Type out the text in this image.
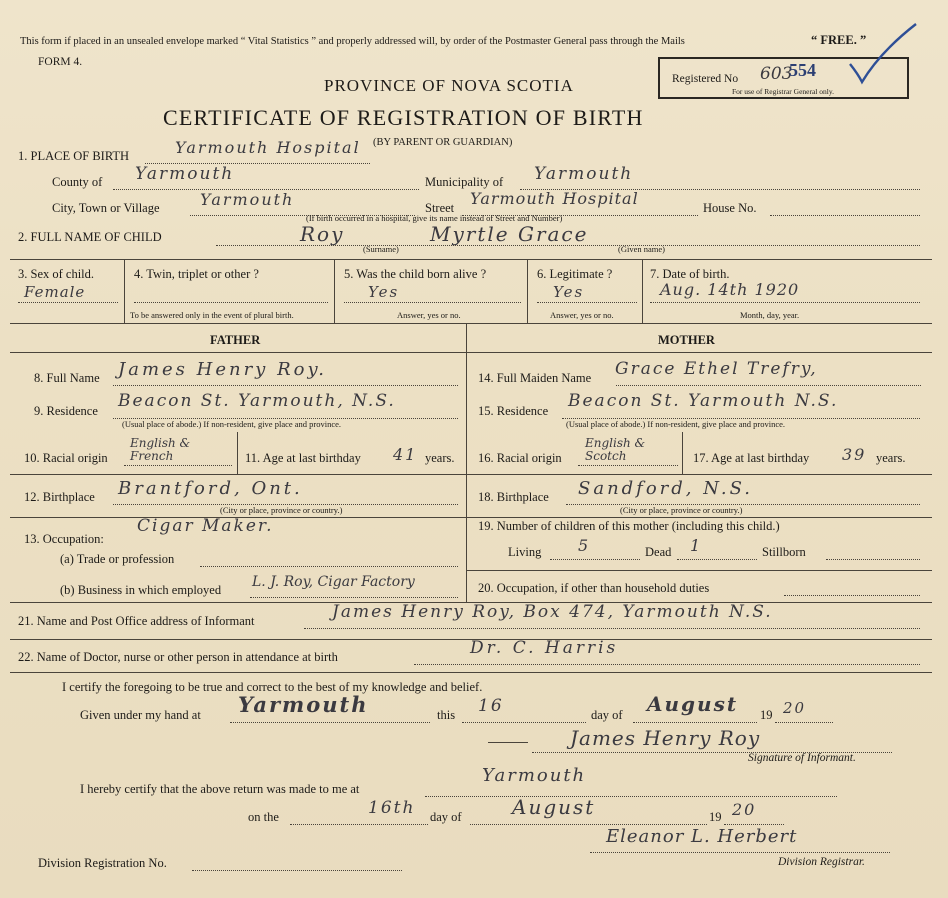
This form if placed in an unsealed envelope marked “ Vital Statistics ” and properly addressed will, by order of the Postmaster General pass through the Mails	“ FREE. ”
FORM 4.
PROVINCE OF NOVA SCOTIA
CERTIFICATE OF REGISTRATION OF BIRTH
(BY PARENT OR GUARDIAN)
Registered No 603
554
For use of Registrar General only.
1. PLACE OF BIRTH	Yarmouth Hospital
County of Yarmouth	Municipality of Yarmouth
City, Town or Village	Yarmouth	Street Yarmouth Hospital	House No.
(If birth occurred in a hospital, give its name instead of Street and Number)
2. FULL NAME OF CHILD	Roy	Myrtle Grace
(Surname)	(Given name)
3. Sex of child.
Female
4. Twin, triplet or other ?
To be answered only in the event of plural birth.
5. Was the child born alive ?
Yes
Answer, yes or no.
6. Legitimate ?
Yes
Answer, yes or no.
7. Date of birth.
Aug. 14th 1920
Month, day, year.
FATHER	MOTHER
8. Full Name James Henry Roy.
9. Residence Beacon St. Yarmouth, N.S.
(Usual place of abode.) If non-resident, give place and province.
10. Racial origin
English & French	11. Age at last birthday 41 years.
12. Birthplace Brantford, Ont.
(City or place, province or country.)
13. Occupation:
Cigar Maker.
(a) Trade or profession
(b) Business in which employed L. J. Roy, Cigar Factory
14. Full Maiden Name Grace Ethel Trefry,
15. Residence Beacon St. Yarmouth N.S.
(Usual place of abode.) If non-resident, give place and province.
16. Racial origin
English & Scotch	17. Age at last birthday 39 years.
18. Birthplace Sandford, N.S.
(City or place, province or country.)
19. Number of children of this mother (including this child.)
Living 5	Dead 1	Stillborn
20. Occupation, if other than household duties
21. Name and Post Office address of Informant	James Henry Roy, Box 474, Yarmouth N.S.
22. Name of Doctor, nurse or other person in attendance at birth	Dr. C. Harris
I certify the foregoing to be true and correct to the best of my knowledge and belief.
Given under my hand at Yarmouth	this 16	day of August 19 20
James Henry Roy
Signature of Informant.
I hereby certify that the above return was made to me at
Yarmouth
on the	16th day of	August	19 20
Eleanor L. Herbert
Division Registrar.
Division Registration No.
